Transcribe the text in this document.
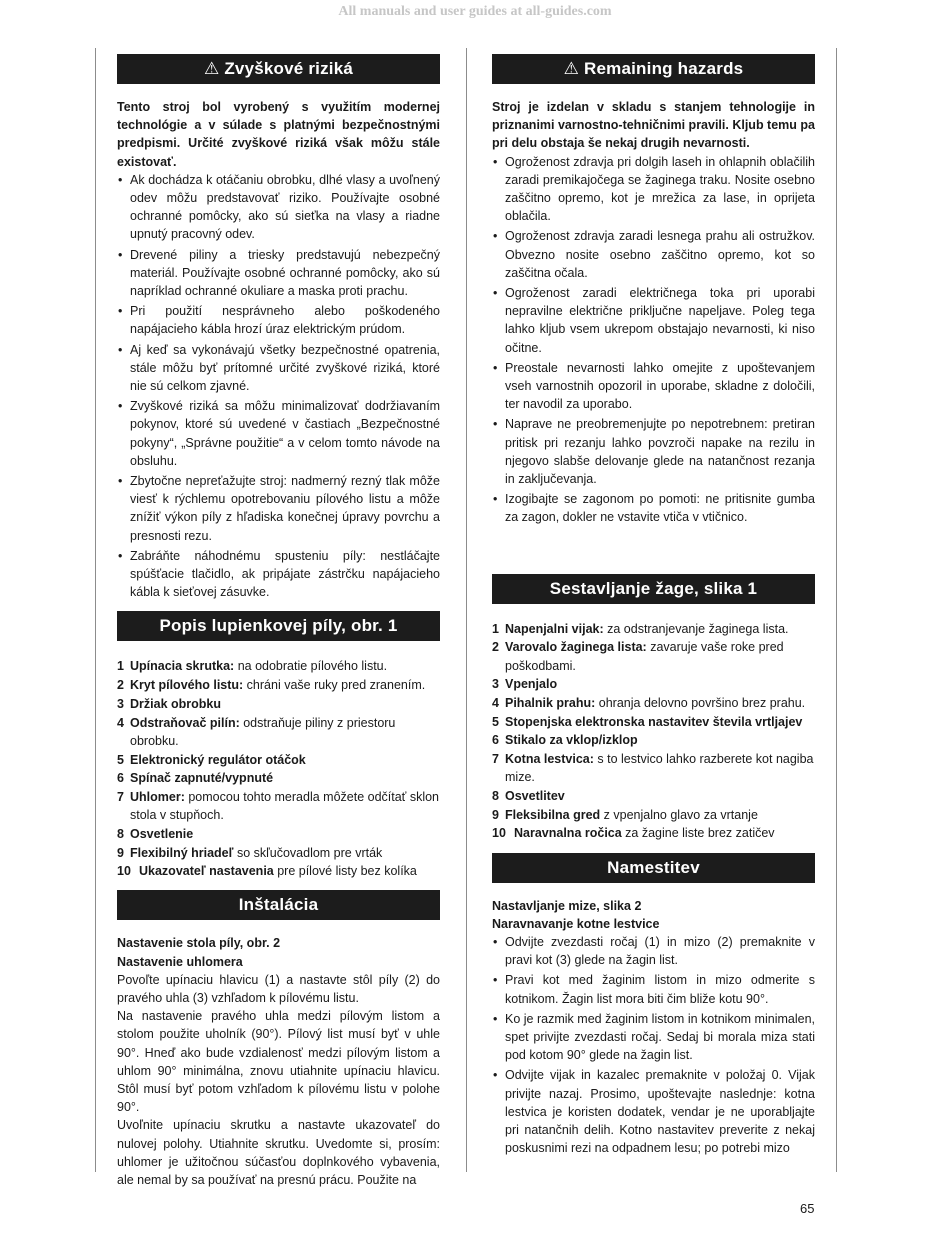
All manuals and user guides at all-guides.com
⚠ Zvyškové riziká

Tento stroj bol vyrobený s využitím modernej technológie a v súlade s platnými bezpečnostnými predpismi. Určité zvyškové riziká však môžu stále existovať.

• Ak dochádza k otáčaniu obrobku, dlhé vlasy a uvoľnený odev môžu predstavovať riziko. Používajte osobné ochranné pomôcky, ako sú sieťka na vlasy a riadne upnutý pracovný odev.
• Drevené piliny a triesky predstavujú nebezpečný materiál. Používajte osobné ochranné pomôcky, ako sú napríklad ochranné okuliare a maska proti prachu.
• Pri použití nesprávneho alebo poškodeného napájacieho kábla hrozí úraz elektrickým prúdom.
• Aj keď sa vykonávajú všetky bezpečnostné opatrenia, stále môžu byť prítomné určité zvyškové riziká, ktoré nie sú celkom zjavné.
• Zvyškové riziká sa môžu minimalizovať dodržiavaním pokynov, ktoré sú uvedené v častiach „Bezpečnostné pokyny“, „Správne použitie“ a v celom tomto návode na obsluhu.
• Zbytočne nepreťažujte stroj: nadmerný rezný tlak môže viesť k rýchlemu opotrebovaniu pílového listu a môže znížiť výkon píly z hľadiska konečnej úpravy povrchu a presnosti rezu.
• Zabráňte náhodnému spusteniu píly: nestláčajte spúšťacie tlačidlo, ak pripájate zástrčku napájacieho kábla k sieťovej zásuvke.
Popis lupienkovej píly, obr. 1
1 Upínacia skrutka: na odobratie pílového listu.
2 Kryt pílového listu: chráni vaše ruky pred zranením.
3 Držiak obrobku
4 Odstraňovač pilín: odstraňuje piliny z priestoru obrobku.
5 Elektronický regulátor otáčok
6 Spínač zapnuté/vypnuté
7 Uhlomer: pomocou tohto meradla môžete odčítať sklon stola v stupňoch.
8 Osvetlenie
9 Flexibilný hriadeľ so skľučovadlom pre vrták
10 Ukazovateľ nastavenia pre pílové listy bez kolíka
Inštalácia
Nastavenie stola píly, obr. 2
Nastavenie uhlomera

Povoľte upínaciu hlavicu (1) a nastavte stôl píly (2) do pravého uhla (3) vzhľadom k pílovému listu.

Na nastavenie pravého uhla medzi pílovým listom a stolom použite uholník (90°). Pílový list musí byť v uhle 90°. Hneď ako bude vzdialenosť medzi pílovým listom a uhlom 90° minimálna, znovu utiahnite upínaciu hlavicu. Stôl musí byť potom vzhľadom k pílovému listu v polohe 90°.

Uvoľnite upínaciu skrutku a nastavte ukazovateľ do nulovej polohy. Utiahnite skrutku. Uvedomte si, prosím: uhlomer je užitočnou súčasťou doplnkového vybavenia, ale nemal by sa používať na presnú prácu. Použite na

⚠ Remaining hazards

Stroj je izdelan v skladu s stanjem tehnologije in priznanimi varnostno-tehničnimi pravili. Kljub temu pa pri delu obstaja še nekaj drugih nevarnosti.

• Ogroženost zdravja pri dolgih laseh in ohlapnih oblačilih zaradi premikajočega se žaginega traku. Nosite osebno zaščitno opremo, kot je mrežica za lase, in oprijeta oblačila.
• Ogroženost zdravja zaradi lesnega prahu ali ostružkov. Obvezno nosite osebno zaščitno opremo, kot so zaščitna očala.
• Ogroženost zaradi električnega toka pri uporabi nepravilne električne priključne napeljave. Poleg tega lahko kljub vsem ukrepom obstajajo nevarnosti, ki niso očitne.
• Preostale nevarnosti lahko omejite z upoštevanjem vseh varnostnih opozoril in uporabe, skladne z določili, ter navodil za uporabo.
• Naprave ne preobremenjujte po nepotrebnem: pretiran pritisk pri rezanju lahko povzroči napake na rezilu in njegovo slabše delovanje glede na natančnost rezanja in zaključevanja.
• Izogibajte se zagonom po pomoti: ne pritisnite gumba za zagon, dokler ne vstavite vtiča v vtičnico.
Sestavljanje žage, slika 1
1 Napenjalni vijak: za odstranjevanje žaginega lista.
2 Varovalo žaginega lista: zavaruje vaše roke pred poškodbami.
3 Vpenjalo
4 Pihalnik prahu: ohranja delovno površino brez prahu.
5 Stopenjska elektronska nastavitev števila vrtljajev
6 Stikalo za vklop/izklop
7 Kotna lestvica: s to lestvico lahko razberete kot nagiba mize.
8 Osvetlitev
9 Fleksibilna gred z vpenjalno glavo za vrtanje
10 Naravnalna ročica za žagine liste brez zatičev
Namestitev
Nastavljanje mize, slika 2
Naravnavanje kotne lestvice
• Odvijte zvezdasti ročaj (1) in mizo (2) premaknite v pravi kot (3) glede na žagin list.
• Pravi kot med žaginim listom in mizo odmerite s kotnikom. Žagin list mora biti čim bliže kotu 90°.
• Ko je razmik med žaginim listom in kotnikom minimalen, spet privijte zvezdasti ročaj. Sedaj bi morala miza stati pod kotom 90° glede na žagin list.
• Odvijte vijak in kazalec premaknite v položaj 0. Vijak privijte nazaj. Prosimo, upoštevajte naslednje: kotna lestvica je koristen dodatek, vendar je ne uporabljajte pri natančnih delih. Kotno nastavitev preverite z nekaj poskusnimi rezi na odpadnem lesu; po potrebi mizo
65
